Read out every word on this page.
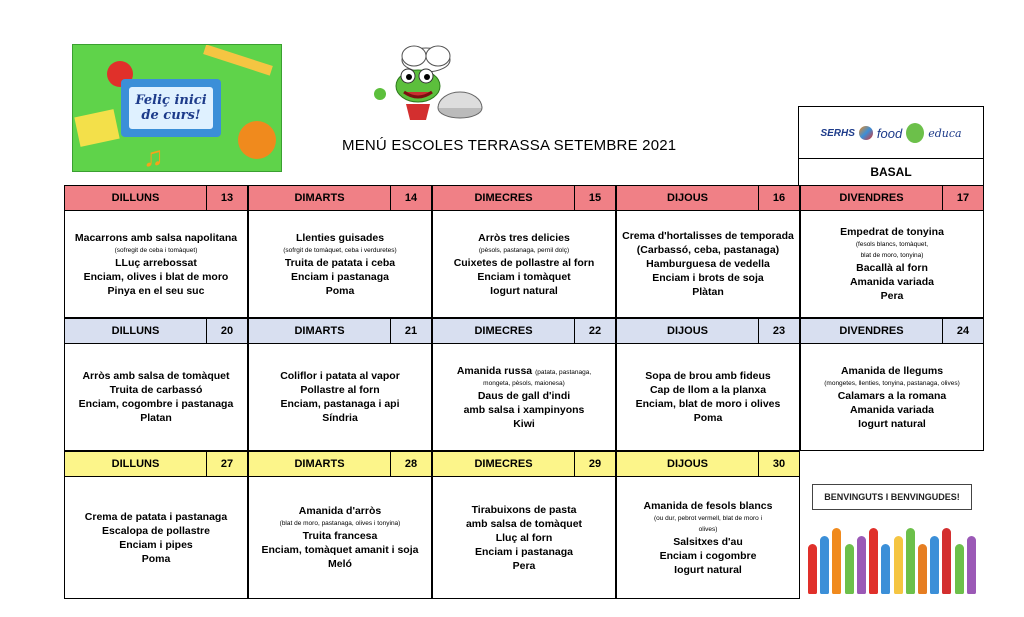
Feliç inici
de curs!
♫	MENÚ ESCOLES TERRASSA SETEMBRE 2021
SERHS food educa
BASAL
DILLUNS	13
Macarrons amb salsa napolitana
(sofregit de ceba i tomàquet)
LLuç arrebossat
Enciam, olives i blat de moro
Pinya en el seu suc
DIMARTS	14
Llenties guisades
(sofrgit de tomàquet, ceba i verduretes)
Truita de patata i ceba
Enciam i pastanaga
Poma
DIMECRES	15
Arròs tres delicies
(pèsols, pastanaga, pernil dolç)
Cuixetes de pollastre al forn
Enciam i tomàquet
Iogurt natural
DIJOUS	16
Crema d'hortalisses de temporada
(Carbassó, ceba, pastanaga)
Hamburguesa de vedella
Enciam i brots de soja
Plàtan
DIVENDRES	17
Empedrat de tonyina
(fesols blancs, tomàquet,
blat de moro, tonyina)
Bacallà al forn
Amanida variada
Pera
DILLUNS	20
Arròs amb salsa de tomàquet
Truita de carbassó
Enciam, cogombre i pastanaga
Platan
DIMARTS	21
Coliflor i patata al vapor
Pollastre al forn
Enciam, pastanaga i api
Síndria
DIMECRES	22
Amanida russa (patata, pastanaga,
mongeta, pèsols, maionesa)
Daus de gall d'indi
amb salsa i xampinyons
Kiwi
DIJOUS	23
Sopa de brou amb fideus
Cap de llom a la planxa
Enciam, blat de moro i olives
Poma
DIVENDRES	24
Amanida de llegums
(mongetes, llenties, tonyina, pastanaga, olives)
Calamars a la romana
Amanida variada
Iogurt natural
DILLUNS	27
Crema de patata i pastanaga
Escalopa de pollastre
Enciam i pipes
Poma
DIMARTS	28
Amanida d'arròs
(blat de moro, pastanaga, olives i tonyina)
Truita francesa
Enciam, tomàquet amanit i soja
Meló
DIMECRES	29
Tirabuixons de pasta
amb salsa de tomàquet
Lluç al forn
Enciam i pastanaga
Pera
DIJOUS	30
Amanida de fesols blancs
(ou dur, pebrot vermell, blat de moro i
olives)
Salsitxes d'au
Enciam i cogombre
Iogurt natural
BENVINGUTS I BENVINGUDES!
